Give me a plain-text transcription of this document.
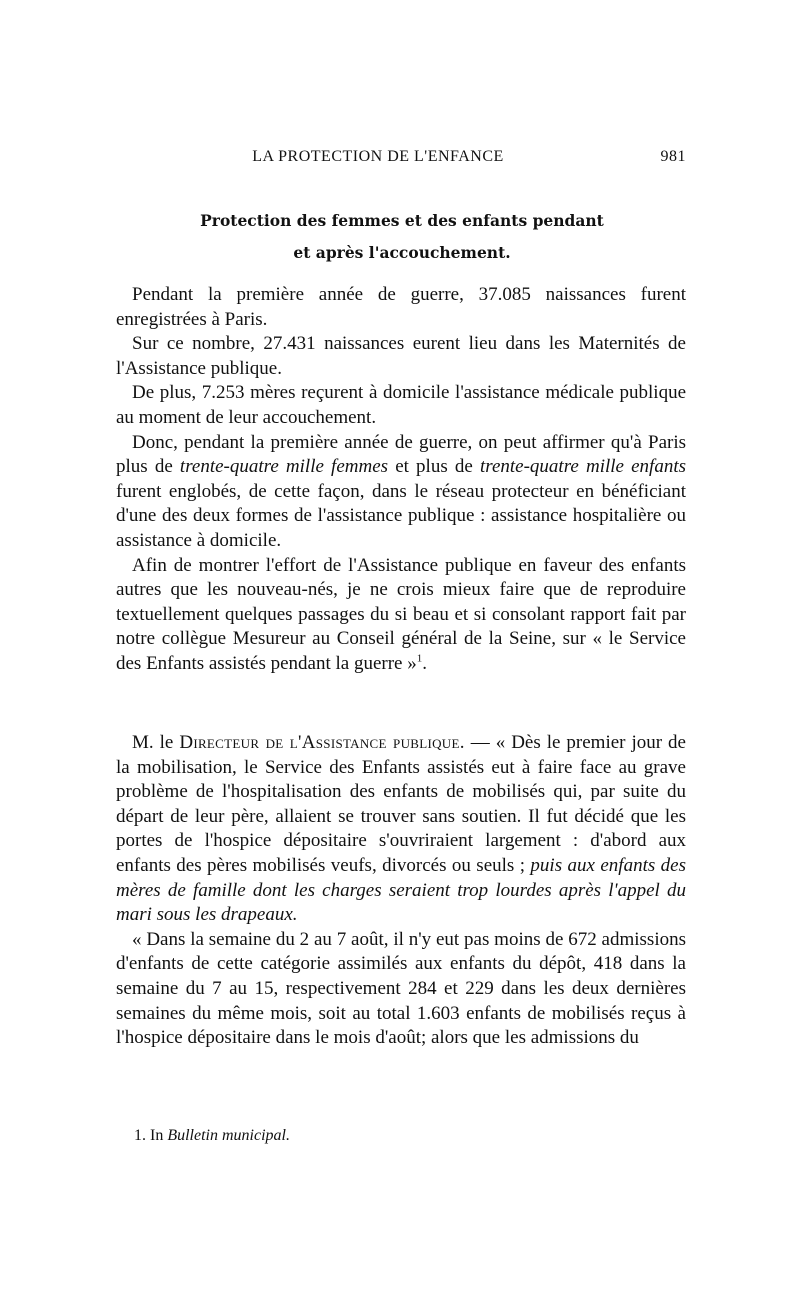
LA PROTECTION DE L'ENFANCE	981
Protection des femmes et des enfants pendant
et après l'accouchement.

Pendant la première année de guerre, 37.085 naissances furent enregistrées à Paris.

Sur ce nombre, 27.431 naissances eurent lieu dans les Maternités de l'Assistance publique.

De plus, 7.253 mères reçurent à domicile l'assistance médicale publique au moment de leur accouchement.

Donc, pendant la première année de guerre, on peut affirmer qu'à Paris plus de trente-quatre mille femmes et plus de trente-quatre mille enfants furent englobés, de cette façon, dans le réseau protecteur en bénéficiant d'une des deux formes de l'assistance publique : assistance hospitalière ou assistance à domicile.

Afin de montrer l'effort de l'Assistance publique en faveur des enfants autres que les nouveau-nés, je ne crois mieux faire que de reproduire textuellement quelques passages du si beau et si consolant rapport fait par notre collègue Mesureur au Conseil général de la Seine, sur « le Service des Enfants assistés pendant la guerre »$^1$.

M. le Directeur de l'Assistance publique. — « Dès le premier jour de la mobilisation, le Service des Enfants assistés eut à faire face au grave problème de l'hospitalisation des enfants de mobilisés qui, par suite du départ de leur père, allaient se trouver sans soutien. Il fut décidé que les portes de l'hospice dépositaire s'ouvriraient largement : d'abord aux enfants des pères mobilisés veufs, divorcés ou seuls ; puis aux enfants des mères de famille dont les charges seraient trop lourdes après l'appel du mari sous les drapeaux.

« Dans la semaine du 2 au 7 août, il n'y eut pas moins de 672 admissions d'enfants de cette catégorie assimilés aux enfants du dépôt, 418 dans la semaine du 7 au 15, respectivement 284 et 229 dans les deux dernières semaines du même mois, soit au total 1.603 enfants de mobilisés reçus à l'hospice dépositaire dans le mois d'août; alors que les admissions du

1. In Bulletin municipal.
